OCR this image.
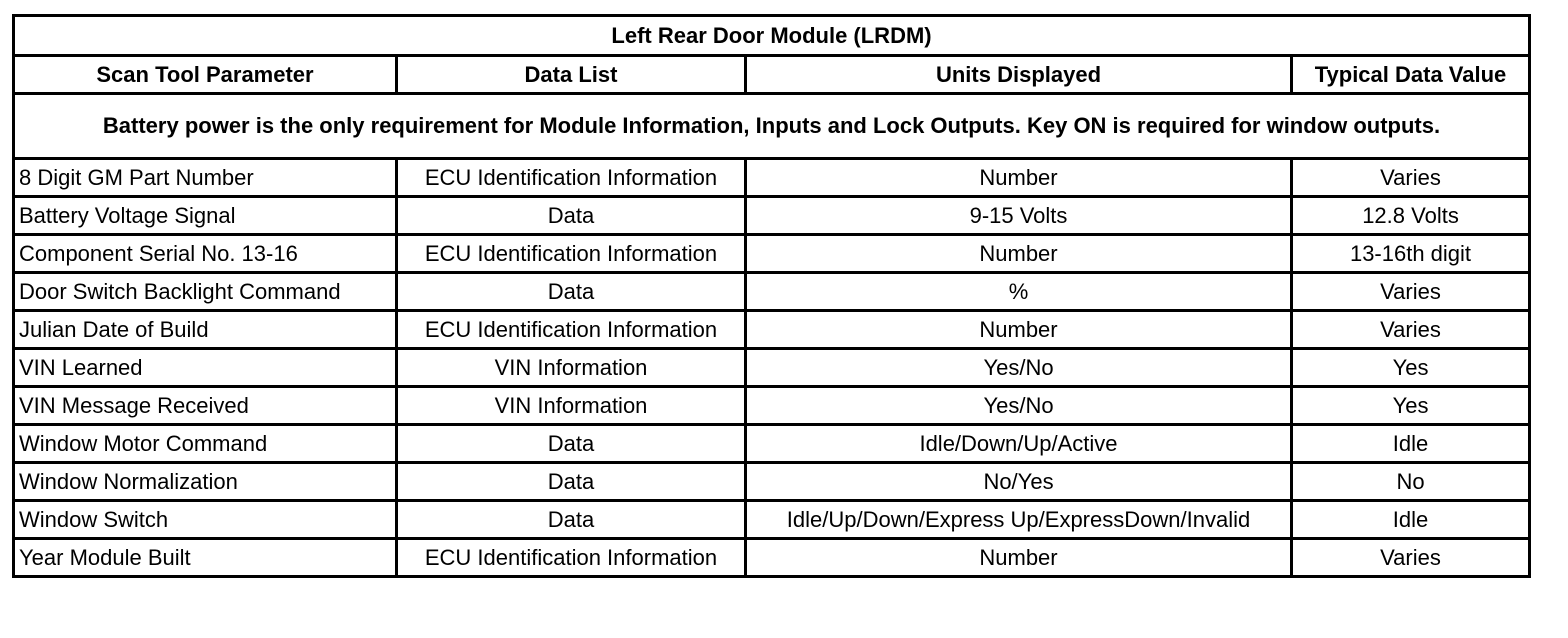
Left Rear Door Module (LRDM)			
Scan Tool Parameter	Data List	Units Displayed	Typical Data Value
Battery power is the only requirement for Module Information, Inputs and Lock Outputs. Key ON is required for window outputs.			
8 Digit GM Part Number	ECU Identification Information	Number	Varies
Battery Voltage Signal	Data	9-15 Volts	12.8 Volts
Component Serial No. 13-16	ECU Identification Information	Number	13-16th digit
Door Switch Backlight Command	Data	%	Varies
Julian Date of Build	ECU Identification Information	Number	Varies
VIN Learned	VIN Information	Yes/No	Yes
VIN Message Received	VIN Information	Yes/No	Yes
Window Motor Command	Data	Idle/Down/Up/Active	Idle
Window Normalization	Data	No/Yes	No
Window Switch	Data	Idle/Up/Down/Express Up/ExpressDown/Invalid	Idle
Year Module Built	ECU Identification Information	Number	Varies
